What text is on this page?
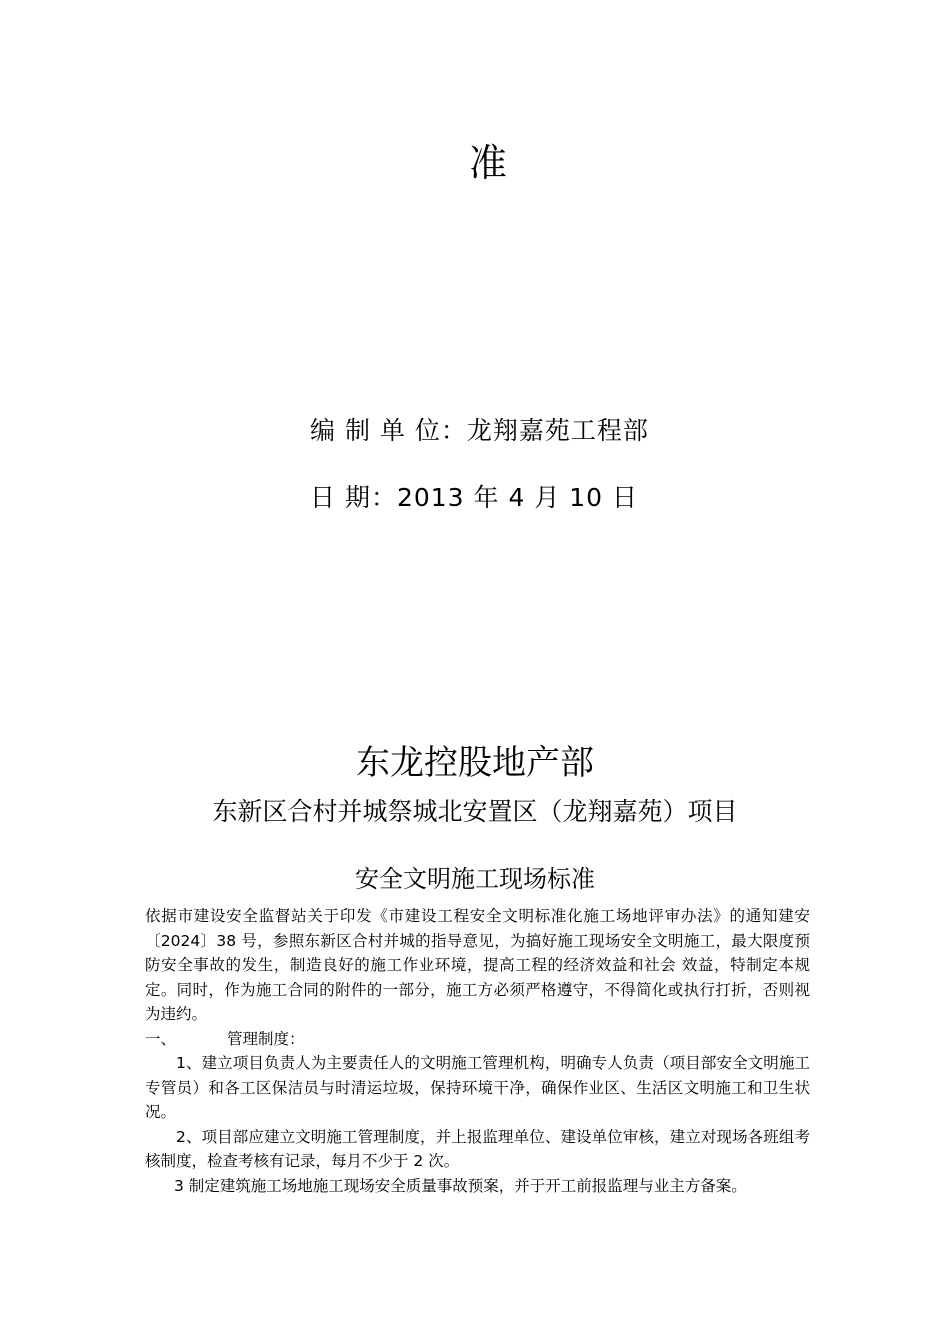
准
编 制 单 位：龙翔嘉苑工程部
日 期：2013 年 4 月 10 日
东龙控股地产部
东新区合村并城祭城北安置区（龙翔嘉苑）项目
安全文明施工现场标准

依据市建设安全监督站关于印发《市建设工程安全文明标准化施工场地评审办法》的通知建安〔2024〕38 号，参照东新区合村并城的指导意见，为搞好施工现场安全文明施工，最大限度预防安全事故的发生，制造良好的施工作业环境，提高工程的经济效益和社会 效益，特制定本规定。同时，作为施工合同的附件的一部分，施工方必须严格遵守，不得简化或执行打折，否则视为违约。

一、	管理制度：

1、建立项目负责人为主要责任人的文明施工管理机构，明确专人负责（项目部安全文明施工专管员）和各工区保洁员与时清运垃圾，保持环境干净，确保作业区、生活区文明施工和卫生状况。

2、项目部应建立文明施工管理制度，并上报监理单位、建设单位审核，建立对现场各班组考核制度，检查考核有记录，每月不少于 2 次。

3 制定建筑施工场地施工现场安全质量事故预案，并于开工前报监理与业主方备案。
